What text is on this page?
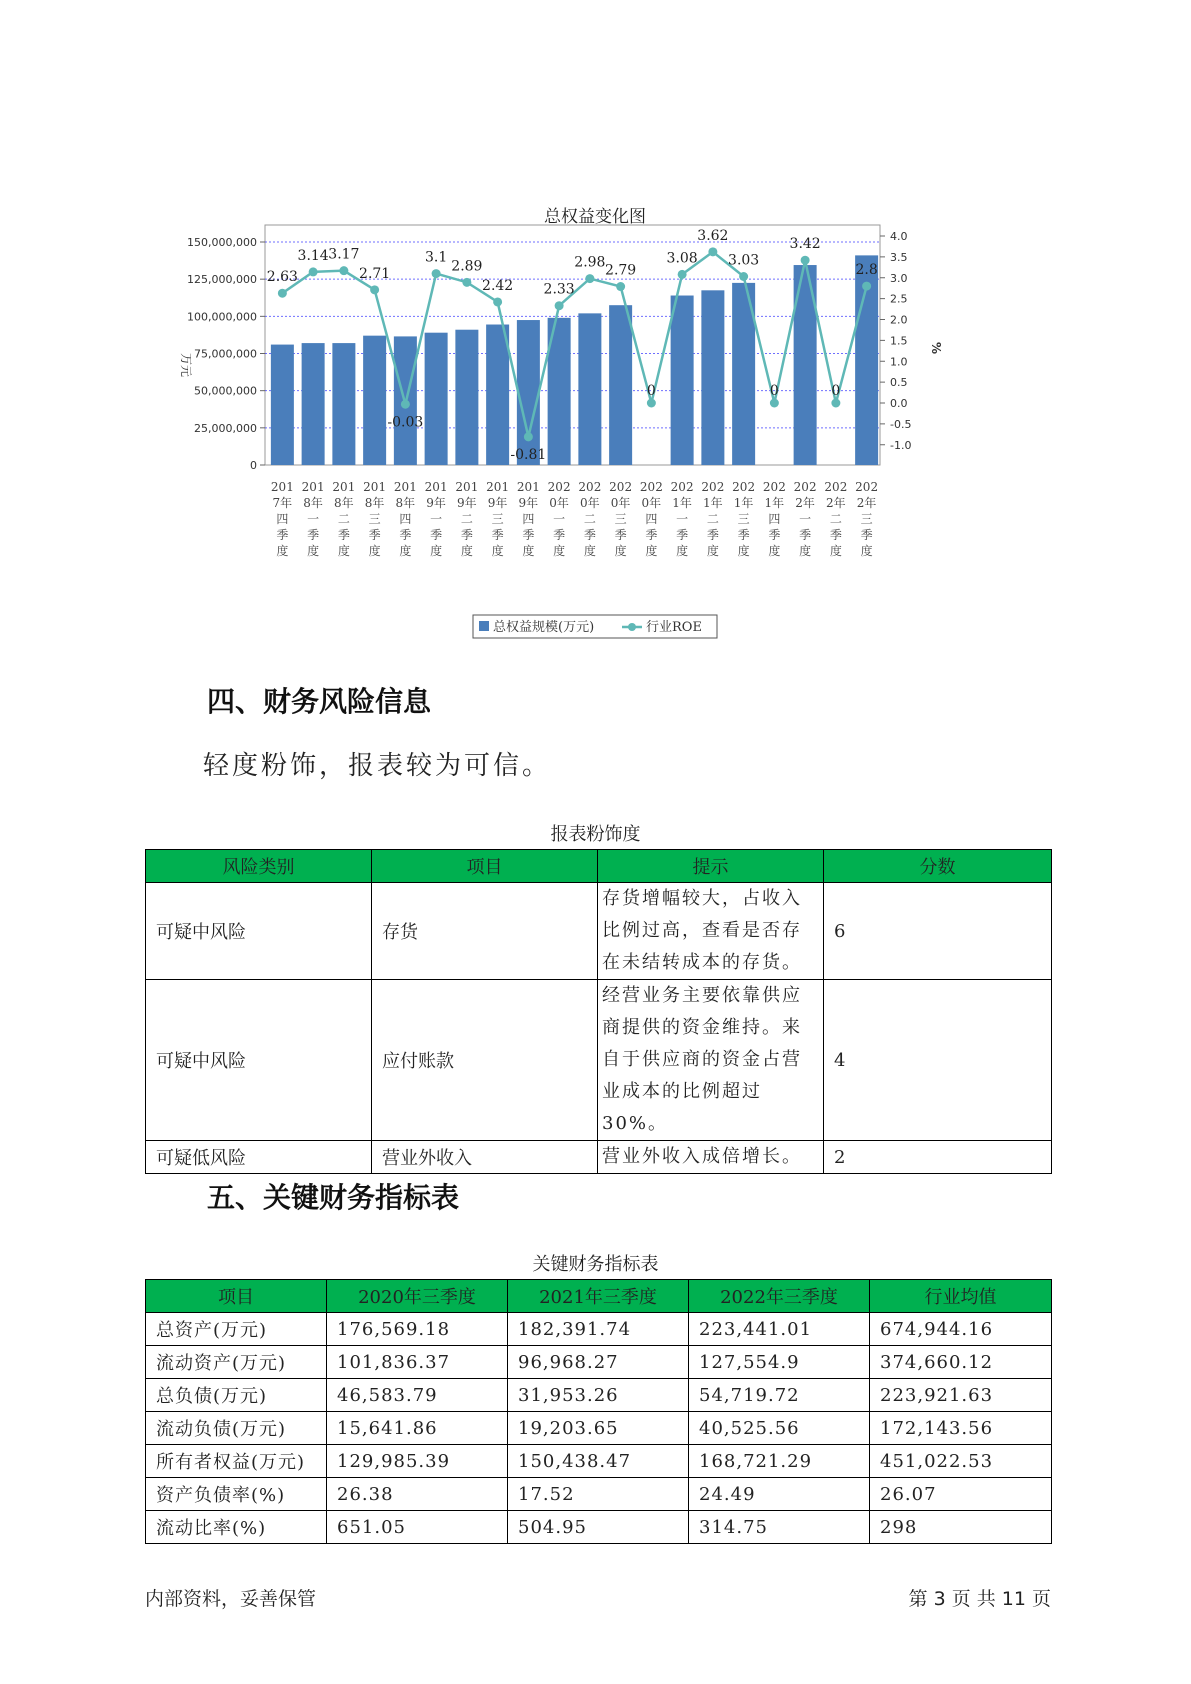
总权益变化图
0
25,000,000
50,000,000
75,000,000
100,000,000
125,000,000
150,000,000
万元
-1.0
-0.5
0.0
0.5
1.0
1.5
2.0
2.5
3.0
3.5
4.0
%
2.63
3.14 3.17
2.71
-0.03
3.1
2.89
2.42
-0.81
2.33
2.98 2.79
0
3.08
3.62
3.03
0
3.42
0
2.8
201
7年
四
季
度
201
8年
一
季
度
201
8年
二
季
度
201
8年
三
季
度
201
8年
四
季
度
201
9年
一
季
度
201
9年
二
季
度
201
9年
三
季
度
201
9年
四
季
度
202
0年
一
季
度
202
0年
二
季
度
202
0年
三
季
度
202
0年
四
季
度
202
1年
一
季
度
202
1年
二
季
度
202
1年
三
季
度
202
1年
四
季
度
202
2年
一
季
度
202
2年
二
季
度
202
2年
三
季
度
总权益规模(万元)	行业ROE
四、财务风险信息
轻度粉饰，报表较为可信。
报表粉饰度
风险类别	项目	提示	分数
可疑中风险	存货	存货增幅较大，占收入比例过高，查看是否存在未结转成本的存货。	6
可疑中风险	应付账款	经营业务主要依靠供应商提供的资金维持。来自于供应商的资金占营业成本的比例超过30%。	4
可疑低风险	营业外收入	营业外收入成倍增长。	2
五、关键财务指标表
关键财务指标表
项目	2020年三季度	2021年三季度	2022年三季度	行业均值
总资产(万元)	176,569.18	182,391.74	223,441.01	674,944.16
流动资产(万元)	101,836.37	96,968.27	127,554.9	374,660.12
总负债(万元)	46,583.79	31,953.26	54,719.72	223,921.63
流动负债(万元)	15,641.86	19,203.65	40,525.56	172,143.56
所有者权益(万元)	129,985.39	150,438.47	168,721.29	451,022.53
资产负债率(%)	26.38	17.52	24.49	26.07
流动比率(%)	651.05	504.95	314.75	298
内部资料，妥善保管	第 3 页 共 11 页
